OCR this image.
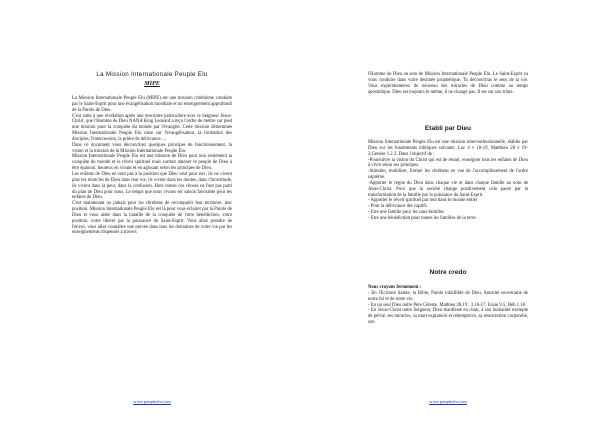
La Mission Internationale Peuple Elu
MIPE

La Mission Internationale Peuple Elu (MIPE) est une mission chrétienne conduite par le Saint-Esprit pour une évangélisation mondiale et un enseignement approfondi de la Parole de Dieu.

C'est suite à une révélation après une rencontre particulière avec le Seigneur Jésus-Christ, que l'Homme de Dieu NANA King Leonard a reçu l'ordre de mettre sur pied une mission pour la conquête du monde par l'évangile. Cette mission dénommée Mission Internationale Peuple Elu mise sur l'évangélisation, la formation des disciples, l'intercession, la prière de délivrance….

Dans ce document vous découvrirez quelques principes de fonctionnement, la vision et la mission de la Mission Internationale Peuple Elu.

Mission Internationale Peuple Elu est une mission de Dieu pour non seulement la conquête du monde et le réveil spirituel mais surtout amener le peuple de Dieu à être épanoui, heureux en vivant et en agissant selon les principes de Dieu.

Les enfants de Dieu ne sont pas à la position que Dieu veut pour eux, ils ne vivent plus les miracles de Dieu dans leur vie, ils vivent dans les doutes, dans l'incertitude, ils vivent dans la peur, dans la confusion. Hors toutes ces choses ne font pas parti du plan de Dieu pour nous. Le temps que nous vivons est saison favorable pour les enfants de Dieu.

C'est maintenant ou jamais pour les chrétiens de reconquérir leur territoire, leur position. Mission Internationale Peuple Elu est là pour vous éclairer par la Parole de Dieu et vous aider dans la bataille de la conquête de votre bénédiction, votre position, votre liberté par la puissance du Saint-Esprit. Vous allez prendre de l'envol, vous allez connaître une percée dans tous les domaines de votre vie par les enseignements dispensés à travers

www.peupleelu.com

l'Homme de Dieu au sein de Mission Internationale Peuple Elu. Le Saint-Esprit va vous conduire dans votre destinée prophétique. Tu découvriras le sens de ta vie. Vous expérimenterez de nouveau des miracles de Dieu comme au temps apostolique. Dieu est toujours le même, il ne change pas. Il est sur son trône.

Etabli par Dieu

Mission Internationale Peuple Elu est une mission interconfessionnelle, établie par Dieu sur les fondements bibliques suivants: Luc 4 v 18-19, Matthieu 28 v 19-2,Genèse 1.2.3. Dans l'objectif de :

-Poursuivre la vision du Christ qui est de réunir, enseigner tous les enfants de Dieu à vivre selon ses principes.

-Stimuler, mobiliser, former les chrétiens en vue de l'accomplissement de l'ordre suprême.

-Apporter le règne du Dieu dans chaque vie et dans chaque famille au nom de Jésus-Christ. Pour que la société change positivement cela passe par la transformation de la famille par la puissance du Saint-Esprit.

- Apporter le réveil spirituel par tout dans le monde entier

- Pour la délivrance des captifs

- Etre une famille pour les sans-familles

- Etre une bénédiction pour toutes les familles de la terre.

Notre credo

Nous croyons fermement :

- En l'Ecriture Sainte, la Bible, Parole infaillible de Dieu, Autorité souveraine de notre foi et de notre vie.

- En un seul Dieu notre Père Céleste. Mathieu 28.19 ; 3.16-17, Esaie 9.5, Héb 1.18

- En Jésus-Christ notre Seigneur, Dieu manifesté en chair, à son humanité exempte de péché, ses miracles, sa mort expiatoire et rédemptrice, sa résurrection corporelle, son

www.peupleelu.com
